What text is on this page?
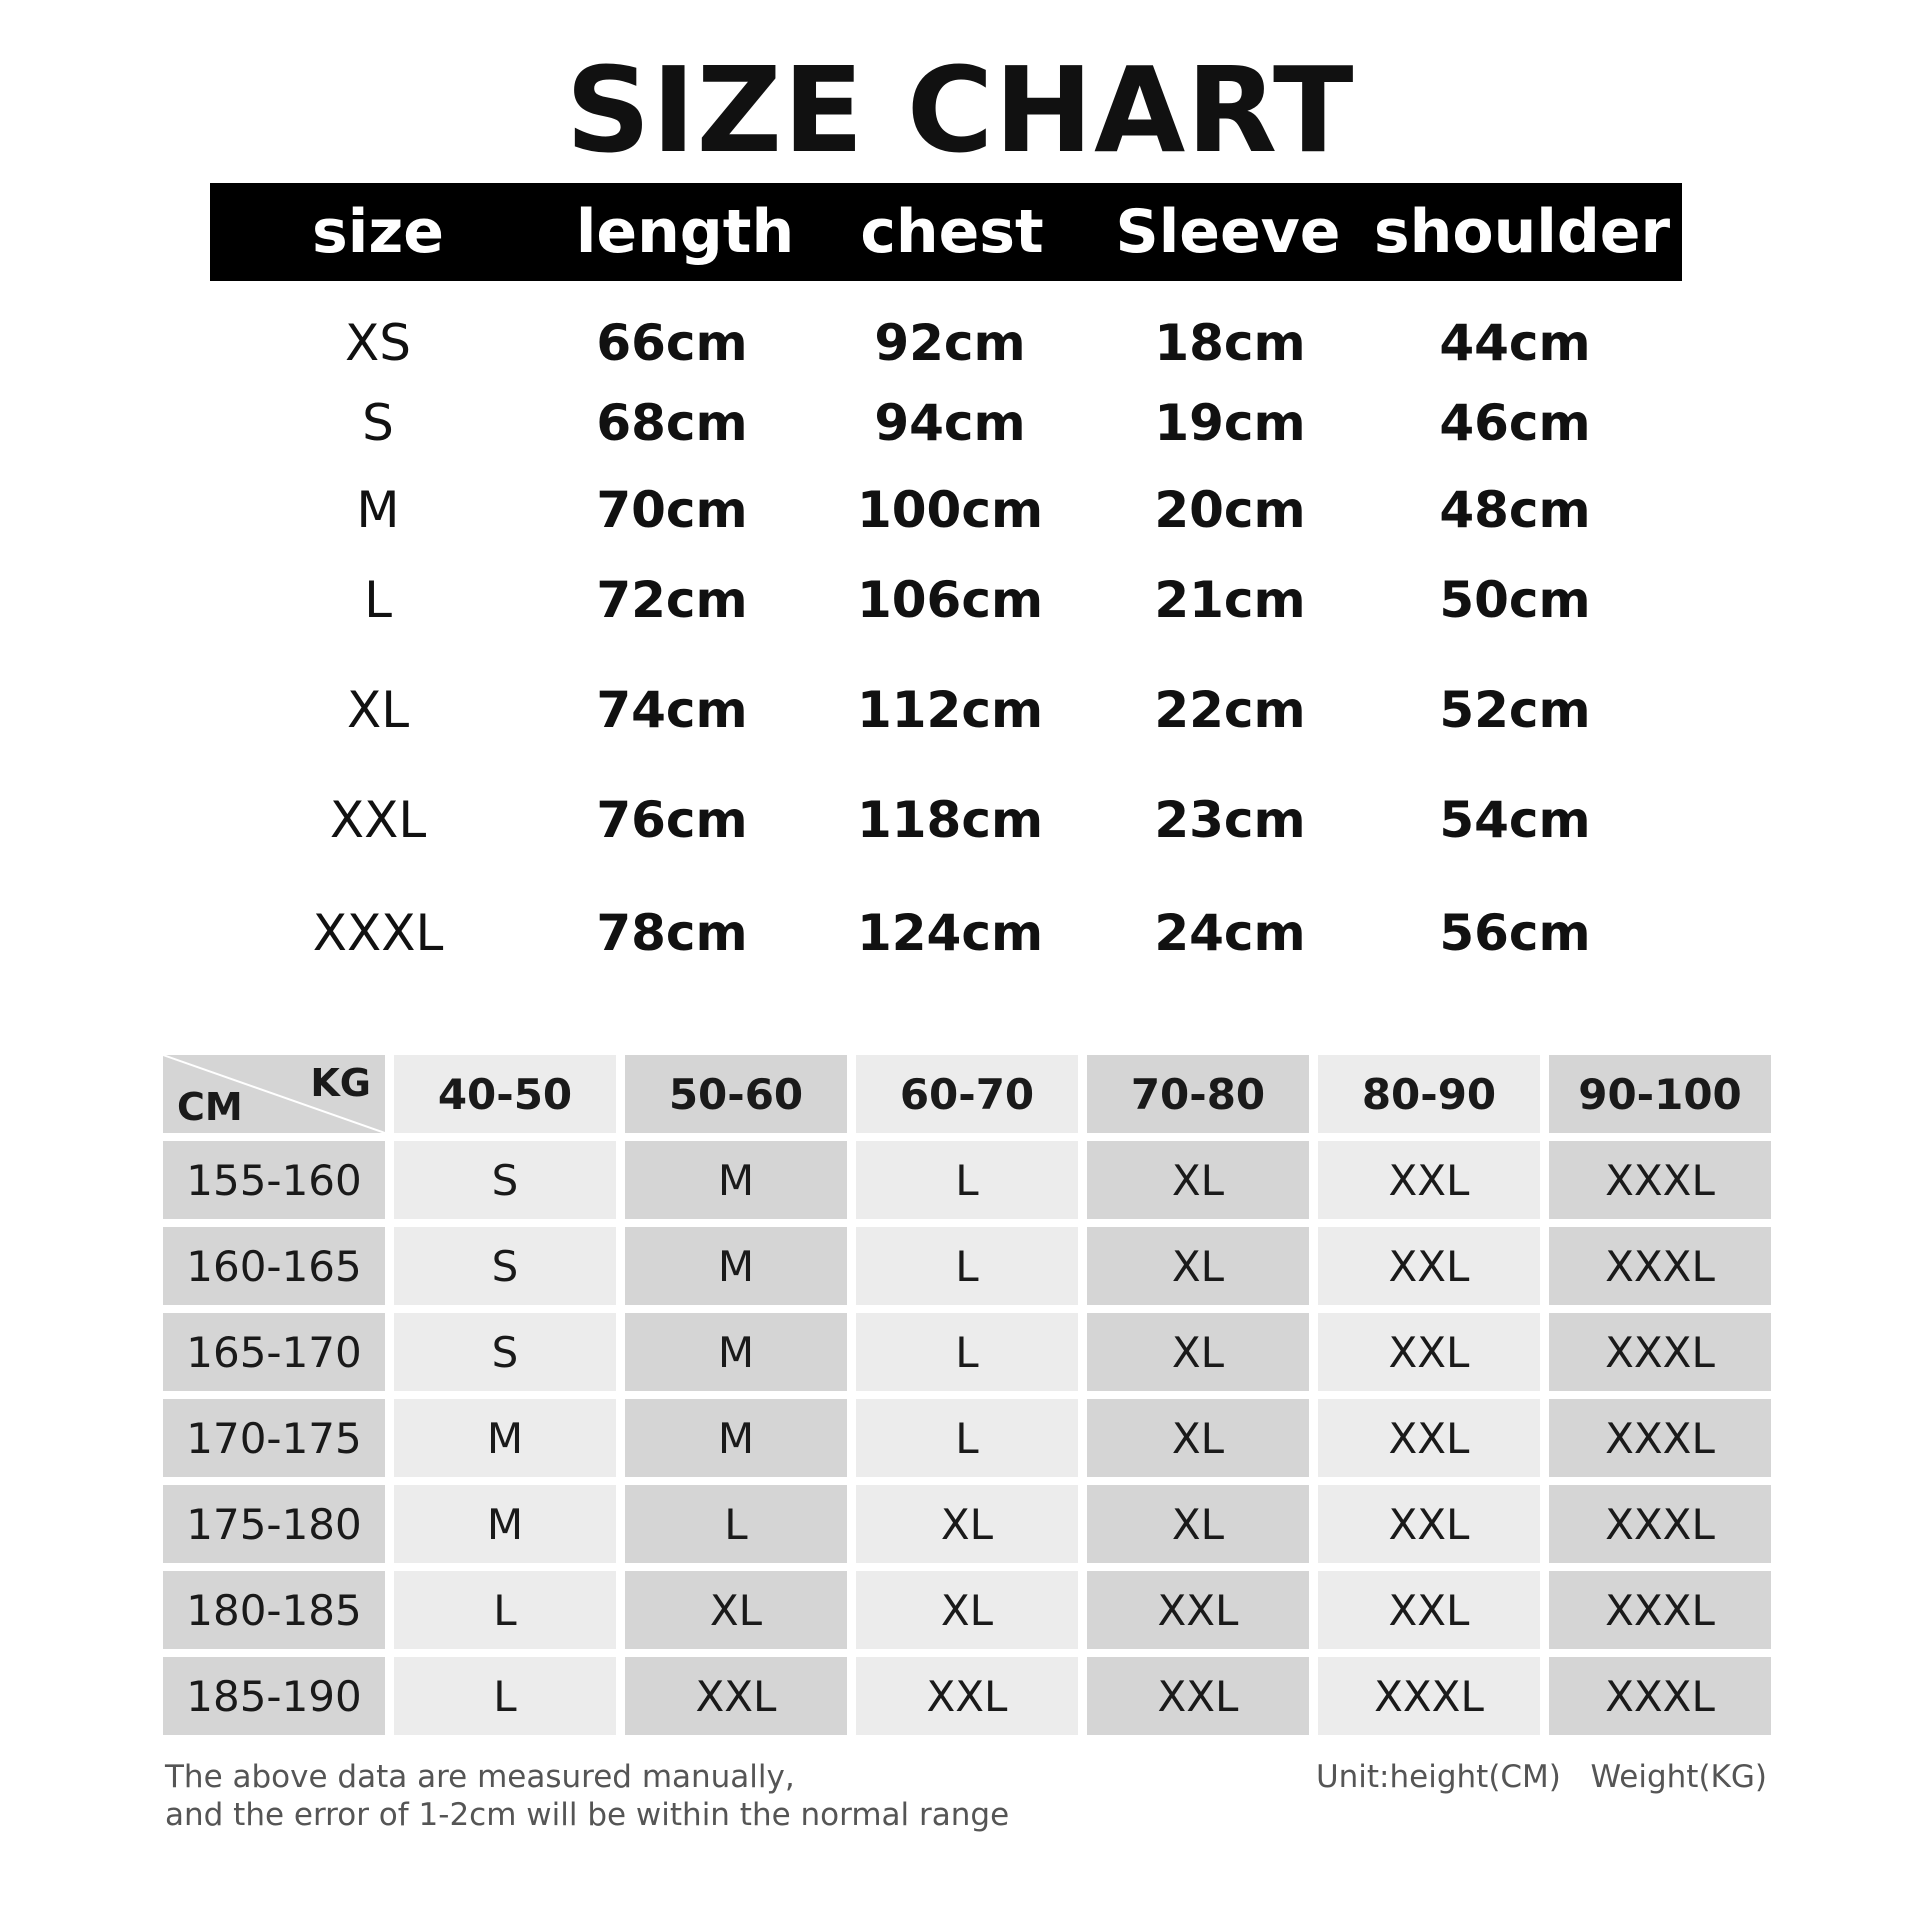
SIZE CHART
size length chest Sleeve shoulder
XS	66cm	92cm	18cm	44cm
S	68cm	94cm	19cm	46cm
M	70cm 100cm 20cm	48cm
L	72cm 106cm 21cm	50cm
XL	74cm 112cm 22cm	52cm
XXL	76cm 118cm 23cm	54cm
XXXL	78cm 124cm 24cm	56cm
KG
CM	40-50	50-60	60-70	70-80	80-90	90-100
155-160	S	M	L	XL	XXL	XXXL
160-165	S	M	L	XL	XXL	XXXL
165-170	S	M	L	XL	XXL	XXXL
170-175	M	M	L	XL	XXL	XXXL
175-180	M	L	XL	XL	XXL	XXXL
180-185	L	XL	XL	XXL	XXL	XXXL
185-190	L	XXL	XXL	XXL	XXXL	XXXL
The above data are measured manually,
and the error of 1-2cm will be within the normal range
Unit:height(CM)   Weight(KG)
